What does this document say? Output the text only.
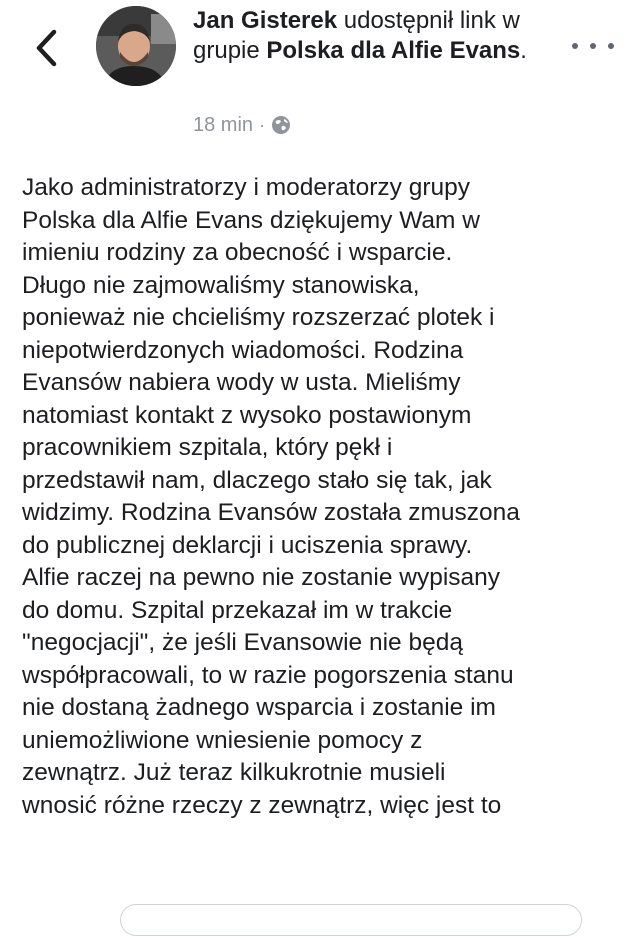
Jan Gisterek udostępnił link w grupie Polska dla Alfie Evans.
18 min ·
Jako administratorzy i moderatorzy grupy
Polska dla Alfie Evans dziękujemy Wam w
imieniu rodziny za obecność i wsparcie.
Długo nie zajmowaliśmy stanowiska,
ponieważ nie chcieliśmy rozszerzać plotek i
niepotwierdzonych wiadomości. Rodzina
Evansów nabiera wody w usta. Mieliśmy
natomiast kontakt z wysoko postawionym
pracownikiem szpitala, który pękł i
przedstawił nam, dlaczego stało się tak, jak
widzimy. Rodzina Evansów została zmuszona
do publicznej deklarcji i uciszenia sprawy.
Alfie raczej na pewno nie zostanie wypisany
do domu. Szpital przekazał im w trakcie
"negocjacji", że jeśli Evansowie nie będą
współpracowali, to w razie pogorszenia stanu
nie dostaną żadnego wsparcia i zostanie im
uniemożliwione wniesienie pomocy z
zewnątrz. Już teraz kilkukrotnie musieli
wnosić różne rzeczy z zewnątrz, więc jest to
